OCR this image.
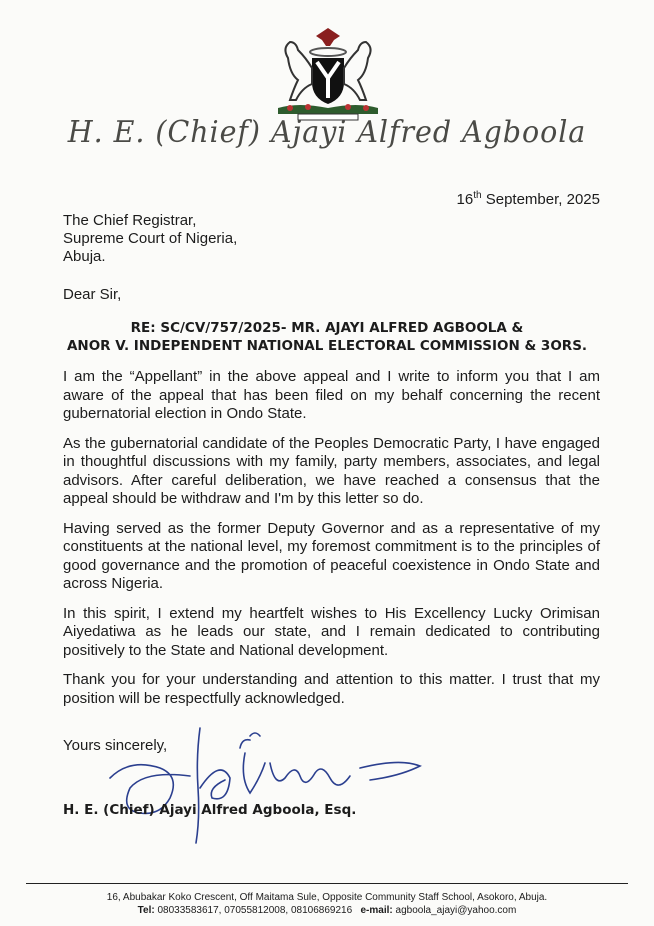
H. E. (Chief) Ajayi Alfred Agboola
16th September, 2025
The Chief Registrar,
Supreme Court of Nigeria,
Abuja.
Dear Sir,
RE: SC/CV/757/2025- MR. AJAYI ALFRED AGBOOLA &
ANOR V. INDEPENDENT NATIONAL ELECTORAL COMMISSION & 3ORS.

I am the “Appellant” in the above appeal and I write to inform you that I am aware of the appeal that has been filed on my behalf concerning the recent gubernatorial election in Ondo State.

As the gubernatorial candidate of the Peoples Democratic Party, I have engaged in thoughtful discussions with my family, party members, associates, and legal advisors. After careful deliberation, we have reached a consensus that the appeal should be withdraw and I'm by this letter so do.

Having served as the former Deputy Governor and as a representative of my constituents at the national level, my foremost commitment is to the principles of good governance and the promotion of peaceful coexistence in Ondo State and across Nigeria.

In this spirit, I extend my heartfelt wishes to His Excellency Lucky Orimisan Aiyedatiwa as he leads our state, and I remain dedicated to contributing positively to the State and National development.

Thank you for your understanding and attention to this matter. I trust that my position will be respectfully acknowledged.

Yours sincerely,
H. E. (Chief) Ajayi Alfred Agboola, Esq.
16, Abubakar Koko Crescent, Off Maitama Sule, Opposite Community Staff School, Asokoro, Abuja.
Tel: 08033583617, 07055812008, 08106869216 e-mail: agboola_ajayi@yahoo.com
